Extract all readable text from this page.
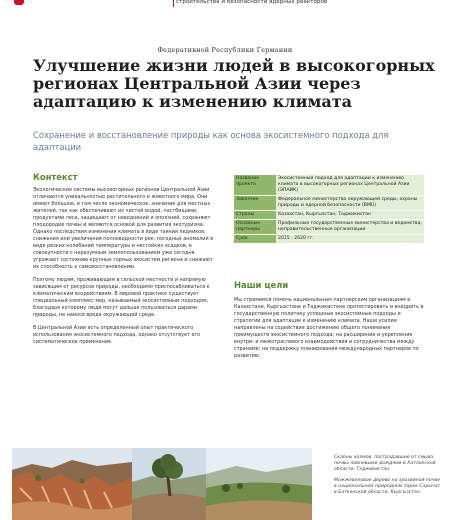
строительства и безопасности ядерных реакторов
Федеративной Республики Германии
Улучшение жизни людей в высокогорных регионах Центральной Азии через адаптацию к изменению климата

Сохранение и восстановление природы как основа экосистемного подхода для адаптации

Контекст

Экологические системы высокогорных регионов Центральной Азии отличаются уникальностью растительного и животного мира. Они имеют большое, в том числе экономическое, значение для местных жителей, так как обеспечивают их чистой водой, пастбищами, продуктами леса, защищают от наводнений и оползней, сохраняют плодородие почвы и являются основой для развития экотуризма. Однако последствия изменения климата в виде таяния ледников, снижения или увеличения полноводности рек, погодных аномалий в виде резких колебаний температуры и нестойких осадков, в совокупности с неразумным землепользованием уже сегодня угрожают состоянию крупных горных экосистем региона и снижают их способность к самовосстановлению.

Поэтому людям, проживающим в сельской местности и напрямую зависящим от ресурсов природы, необходимо приспосабливаться к климатическим воздействиям. В мировой практике существует специальный комплекс мер, называемый экосистемным подходом, благодаря которому люди могут дальше пользоваться дарами природы, не нанося вреда окружающей среде.

В Центральной Азии есть определенный опыт практического использования экосистемного подхода, однако отсутствует его систематическое применение.

Название проекта	Экосистемный подход для адаптации к изменению климата в высокогорных регионах Центральной Азии (ЭПАИК)
Заказчик	Федеральное министерство окружающей среды, охраны природы и ядерной безопасности (BMU)
Страны	Казахстан, Кыргызстан, Таджикистан
Основные партнеры	Профильные государственные министерства и ведомства, неправительственные организации
Срок	2015 - 2020 гг.
Наши цели
Мы стремимся помочь национальным партнерским организациям в Казахстане, Кыргызстане и Таджикистане протестировать и внедрить в государственную политику успешные экосистемные подходы и стратегии для адаптации к изменению климата. Наши усилия направлены на содействие достижению общего понимания преимуществ экосистемного подхода; на расширение и укрепление внутри- и межотраслевого взаимодействия и сотрудничества между странами; на поддержку планирования международных партнеров по развитию.

Склоны холмов, пострадавшие от смыва почвы ливневыми дождями в Хатлонской области, Таджикистан.

Можжевеловое дерево на эрозийной почве в национальном природном парке Сарычат в Баткенской области, Кыргызстан.
